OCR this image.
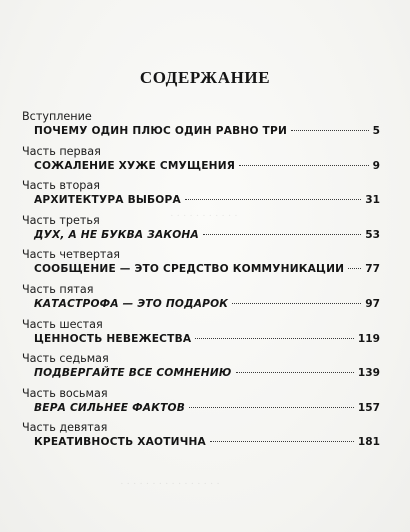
· · · · · · · · · · ·
· · · · · · · · · · · · · · · ·
СОДЕРЖАНИЕ
Вступление
ПОЧЕМУ ОДИН ПЛЮС ОДИН РАВНО ТРИ	5
Часть первая
СОЖАЛЕНИЕ ХУЖЕ СМУЩЕНИЯ	9
Часть вторая
АРХИТЕКТУРА ВЫБОРА	31
Часть третья
ДУХ, А НЕ БУКВА ЗАКОНА	53
Часть четвертая
СООБЩЕНИЕ — ЭТО СРЕДСТВО КОММУНИКАЦИИ 77
Часть пятая
КАТАСТРОФА — ЭТО ПОДАРОК	97
Часть шестая
ЦЕННОСТЬ НЕВЕЖЕСТВА	119
Часть седьмая
ПОДВЕРГАЙТЕ ВСЕ СОМНЕНИЮ	139
Часть восьмая
ВЕРА СИЛЬНЕЕ ФАКТОВ	157
Часть девятая
КРЕАТИВНОСТЬ ХАОТИЧНА	181
